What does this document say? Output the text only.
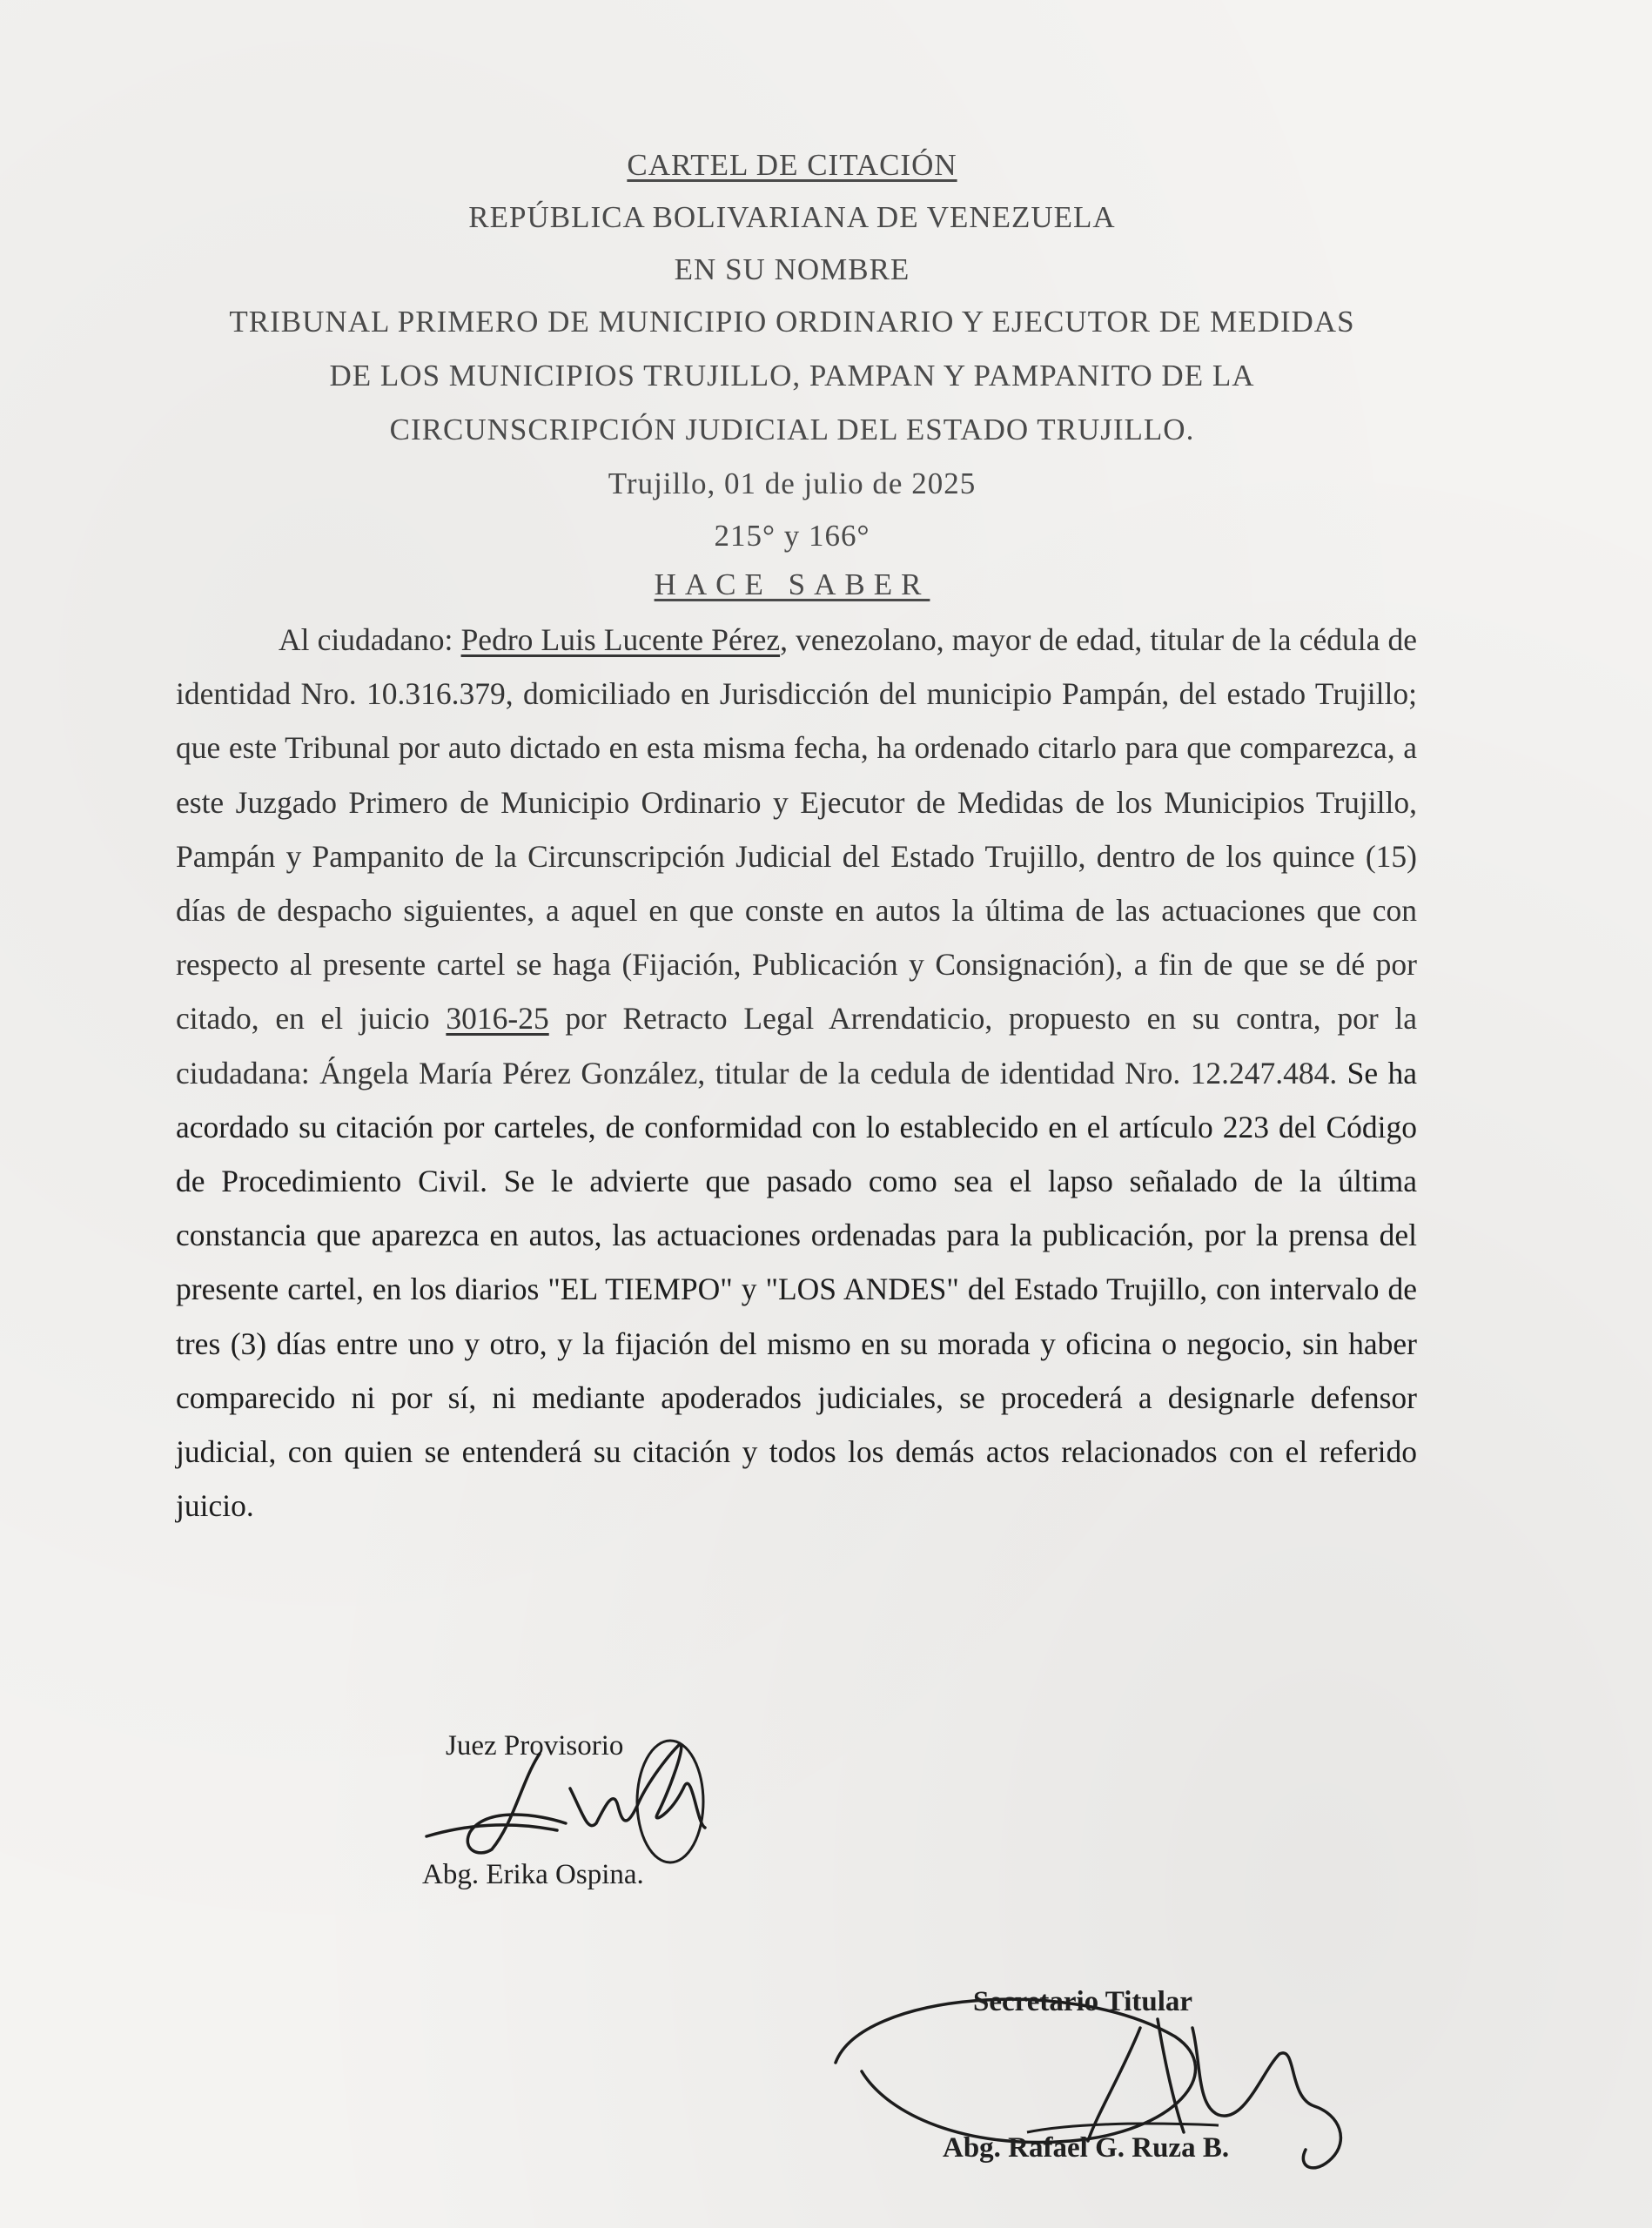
CARTEL DE CITACIÓN
REPÚBLICA BOLIVARIANA DE VENEZUELA
EN SU NOMBRE
TRIBUNAL PRIMERO DE MUNICIPIO ORDINARIO Y EJECUTOR DE MEDIDAS
DE LOS MUNICIPIOS TRUJILLO, PAMPAN Y PAMPANITO DE LA
CIRCUNSCRIPCIÓN JUDICIAL DEL ESTADO TRUJILLO.
Trujillo, 01 de julio de 2025
215° y 166°
HACE SABER
Al ciudadano: Pedro Luis Lucente Pérez, venezolano, mayor de edad, titular de la cédula de identidad Nro. 10.316.379, domiciliado en Jurisdicción del municipio Pampán, del estado Trujillo; que este Tribunal por auto dictado en esta misma fecha, ha ordenado citarlo para que comparezca, a este Juzgado Primero de Municipio Ordinario y Ejecutor de Medidas de los Municipios Trujillo, Pampán y Pampanito de la Circunscripción Judicial del Estado Trujillo, dentro de los quince (15) días de despacho siguientes, a aquel en que conste en autos la última de las actuaciones que con respecto al presente cartel se haga (Fijación, Publicación y Consignación), a fin de que se dé por citado, en el juicio 3016-25 por Retracto Legal Arrendaticio, propuesto en su contra, por la ciudadana: Ángela María Pérez González, titular de la cedula de identidad Nro. 12.247.484. Se ha acordado su citación por carteles, de conformidad con lo establecido en el artículo 223 del Código de Procedimiento Civil. Se le advierte que pasado como sea el lapso señalado de la última constancia que aparezca en autos, las actuaciones ordenadas para la publicación, por la prensa del presente cartel, en los diarios "EL TIEMPO" y "LOS ANDES" del Estado Trujillo, con intervalo de tres (3) días entre uno y otro, y la fijación del mismo en su morada y oficina o negocio, sin haber comparecido ni por sí, ni mediante apoderados judiciales, se procederá a designarle defensor judicial, con quien se entenderá su citación y todos los demás actos relacionados con el referido juicio.
Juez Provisorio
Abg. Erika Ospina.
Secretario Titular
Abg. Rafael G. Ruza B.
